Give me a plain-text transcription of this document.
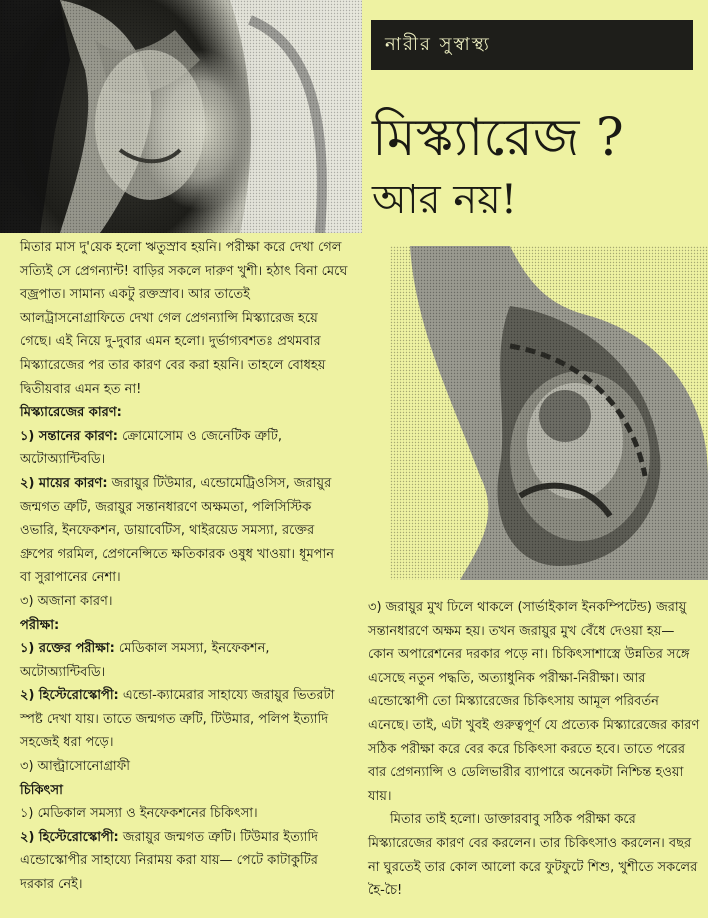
নারীর সুস্বাস্থ্য
মিস্ক্যারেজ ?
আর নয়!

মিতার মাস দু'য়েক হলো ঋতুস্রাব হয়নি। পরীক্ষা করে দেখা গেল সত্যিই সে প্রেগন্যান্ট! বাড়ির সকলে দারুণ খুশী। হঠাৎ বিনা মেঘে বজ্রপাত। সামান্য একটু রক্তস্রাব। আর তাতেই আলট্রাসনোগ্রাফিতে দেখা গেল প্রেগন্যান্সি মিস্ক্যারেজ হয়ে গেছে। এই নিয়ে দু-দুবার এমন হলো। দুর্ভাগ্যবশতঃ প্রথমবার মিস্ক্যারেজের পর তার কারণ বের করা হয়নি। তাহলে বোধহয় দ্বিতীয়বার এমন হত না!

মিস্ক্যারেজের কারণ:

১) সন্তানের কারণ: ক্রোমোসোম ও জেনেটিক ত্রুটি, অটোঅ্যান্টিবডি।

২) মায়ের কারণ: জরায়ুর টিউমার, এন্ডোমেট্রিওসিস, জরায়ুর জন্মগত ত্রুটি, জরায়ুর সন্তানধারণে অক্ষমতা, পলিসিস্টিক ওভারি, ইনফেকশন, ডায়াবেটিস, থাইরয়েড সমস্যা, রক্তের গ্রুপের গরমিল, প্রেগনেন্সিতে ক্ষতিকারক ওষুধ খাওয়া। ধূমপান বা সুরাপানের নেশা।

৩) অজানা কারণ।

পরীক্ষা:

১) রক্তের পরীক্ষা: মেডিকাল সমস্যা, ইনফেকশন, অটোঅ্যান্টিবডি।

২) হিস্টেরোস্কোপী: এন্ডো-ক্যামেরার সাহায্যে জরায়ুর ভিতরটা স্পষ্ট দেখা যায়। তাতে জন্মগত ত্রুটি, টিউমার, পলিপ ইত্যাদি সহজেই ধরা পড়ে।

৩) আল্ট্রাসোনোগ্রাফী

চিকিৎসা

১) মেডিকাল সমস্যা ও ইনফেকশনের চিকিৎসা।

২) হিস্টেরোস্কোপী: জরায়ুর জন্মগত ত্রুটি। টিউমার ইত্যাদি এন্ডোস্কোপীর সাহায্যে নিরাময় করা যায়— পেটে কাটাকুটির দরকার নেই।

৩) জরায়ুর মুখ ঢিলে থাকলে (সার্ভাইকাল ইনকম্পিটেন্ড) জরায়ু সন্তানধারণে অক্ষম হয়। তখন জরায়ুর মুখ বেঁধে দেওয়া হয়— কোন অপারেশনের দরকার পড়ে না। চিকিৎসাশাস্ত্রে উন্নতির সঙ্গে এসেছে নতুন পদ্ধতি, অত্যাধুনিক পরীক্ষা-নিরীক্ষা। আর এন্ডোস্কোপী তো মিস্ক্যারেজের চিকিৎসায় আমূল পরিবর্তন এনেছে। তাই, এটা খুবই গুরুত্বপূর্ণ যে প্রত্যেক মিস্ক্যারেজের কারণ সঠিক পরীক্ষা করে বের করে চিকিৎসা করতে হবে। তাতে পরের বার প্রেগন্যান্সি ও ডেলিভারীর ব্যাপারে অনেকটা নিশ্চিন্ত হওয়া যায়।

মিতার তাই হলো। ডাক্তারবাবু সঠিক পরীক্ষা করে মিস্ক্যারেজের কারণ বের করলেন। তার চিকিৎসাও করলেন। বছর না ঘুরতেই তার কোল আলো করে ফুটফুটে শিশু, খুশীতে সকলের হৈ-চৈ!
